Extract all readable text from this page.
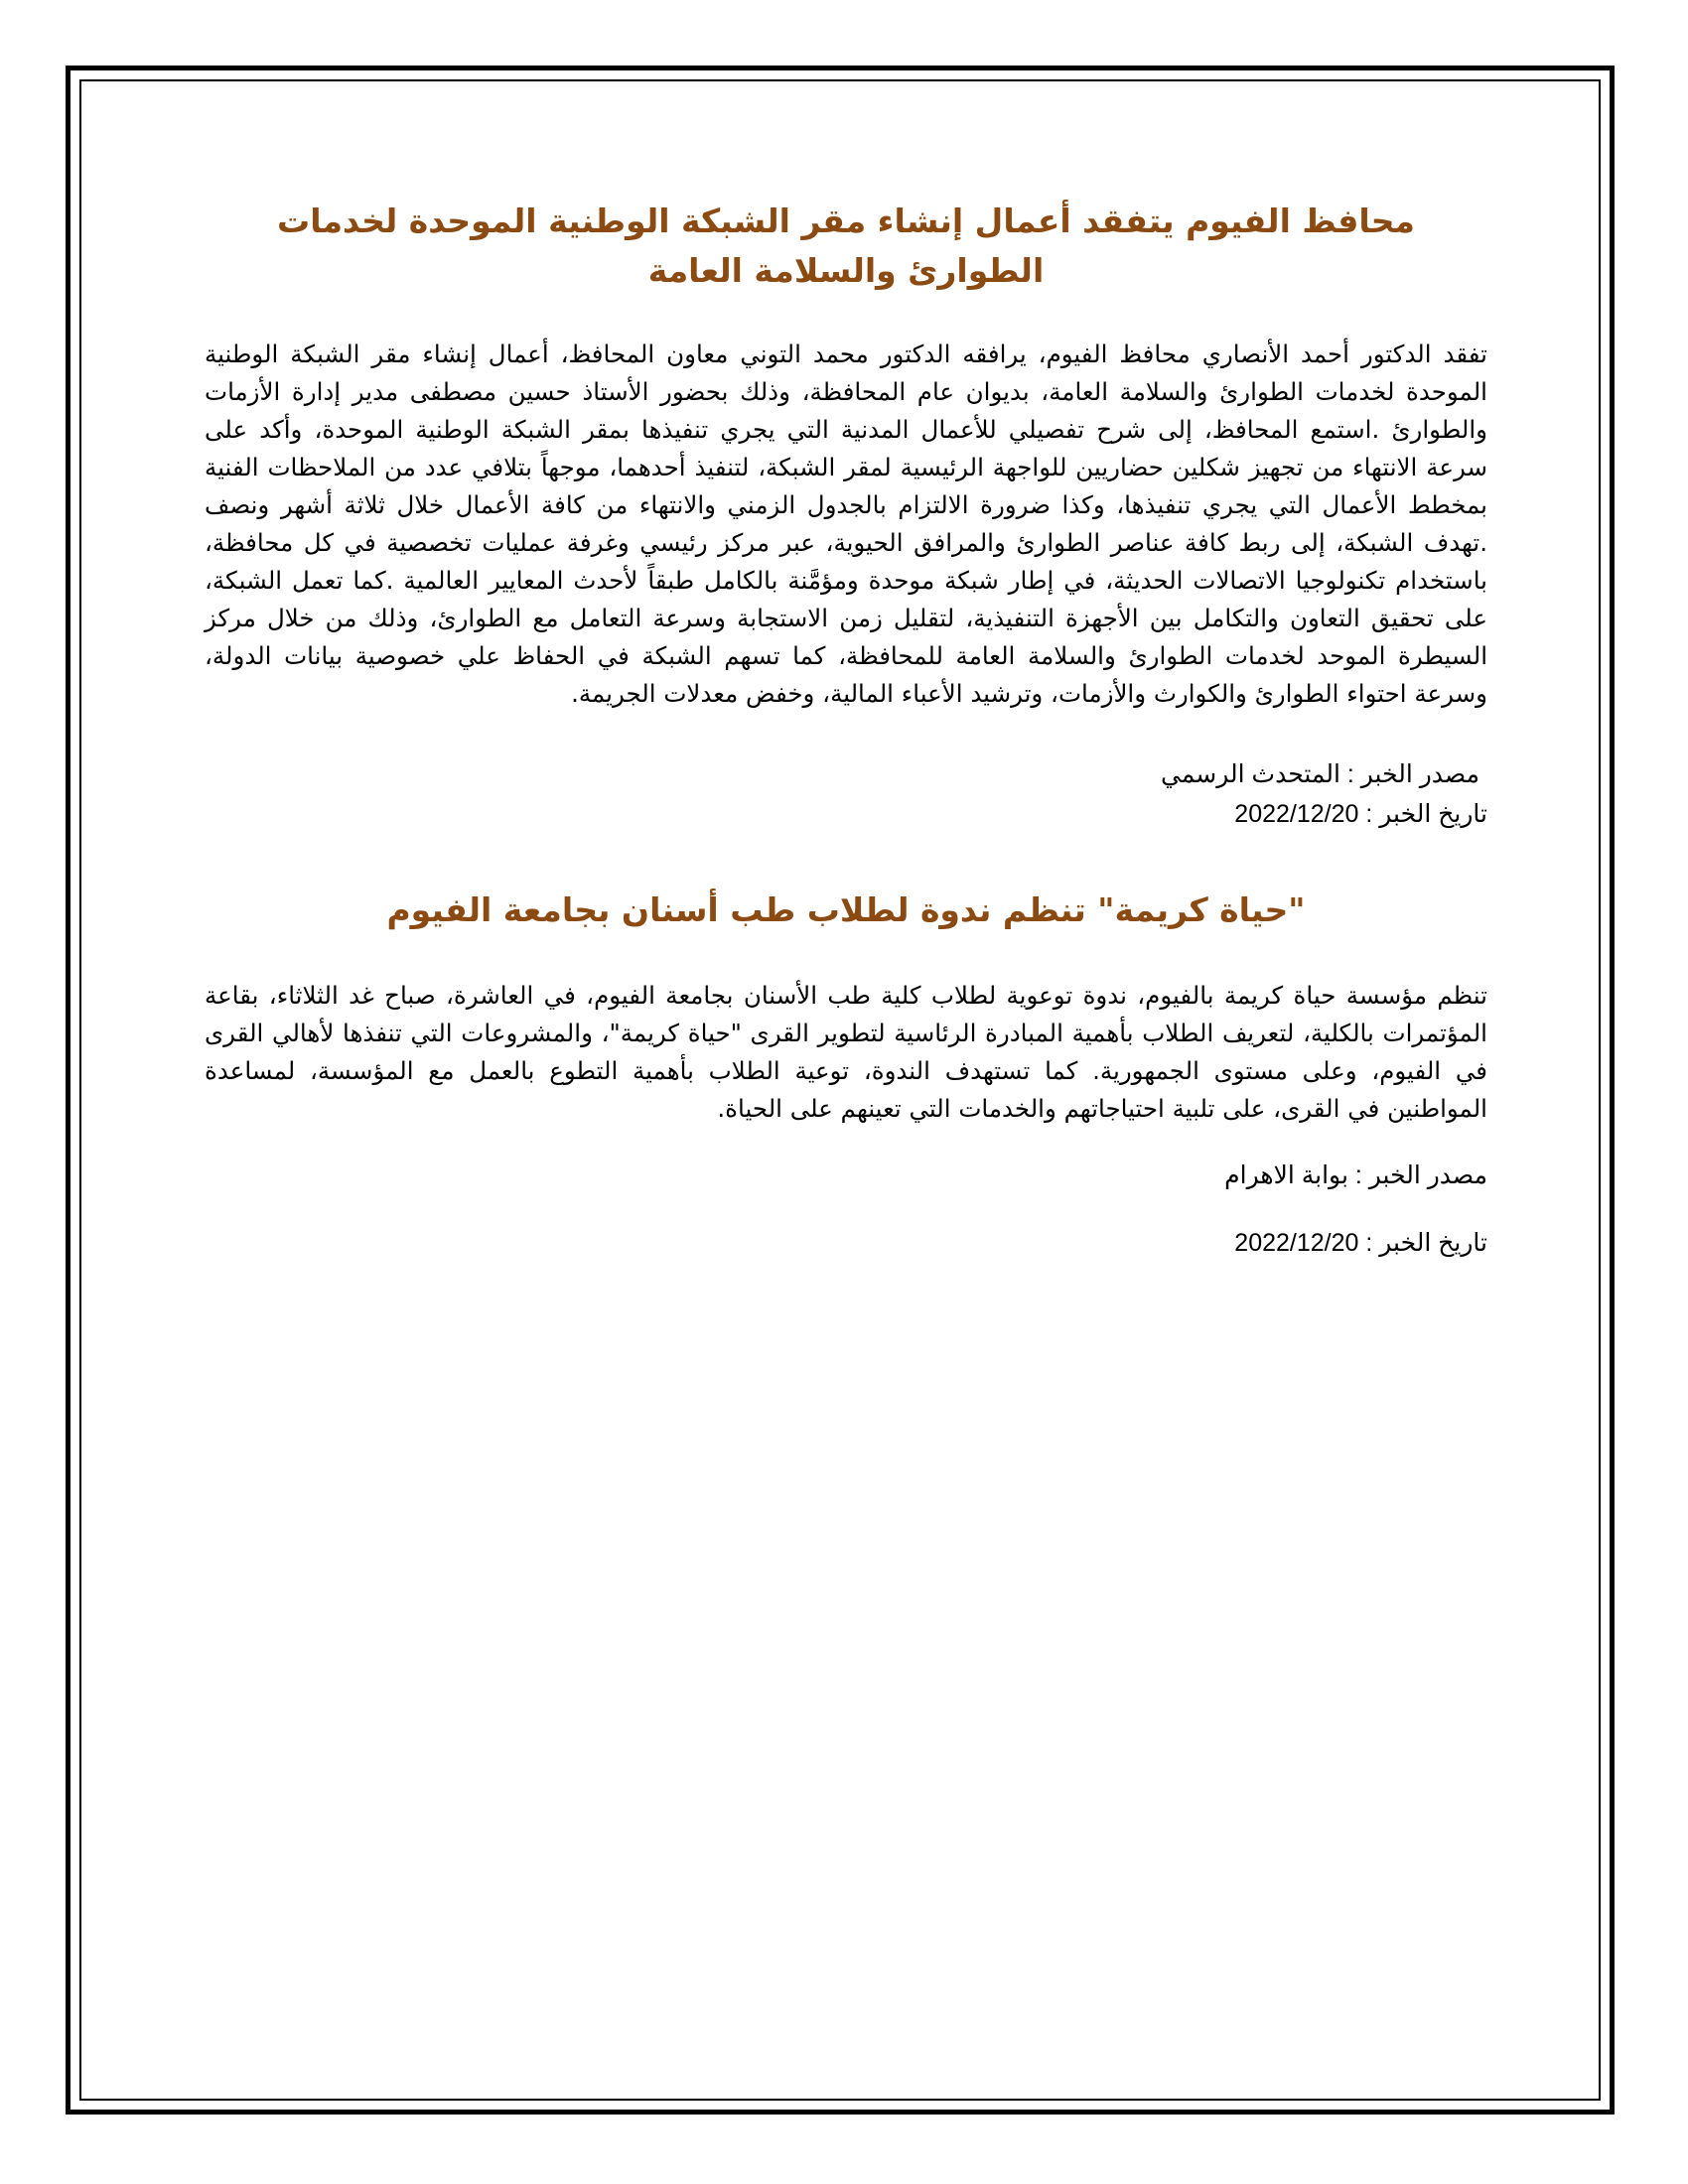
محافظ الفيوم يتفقد أعمال إنشاء مقر الشبكة الوطنية الموحدة لخدمات الطوارئ والسلامة العامة

تفقد الدكتور أحمد الأنصاري محافظ الفيوم، يرافقه الدكتور محمد التوني معاون المحافظ، أعمال إنشاء مقر الشبكة الوطنية الموحدة لخدمات الطوارئ والسلامة العامة، بديوان عام المحافظة، وذلك بحضور الأستاذ حسين مصطفى مدير إدارة الأزمات والطوارئ .استمع المحافظ، إلى شرح تفصيلي للأعمال المدنية التي يجري تنفيذها بمقر الشبكة الوطنية الموحدة، وأكد على سرعة الانتهاء من تجهيز شكلين حضاريين للواجهة الرئيسية لمقر الشبكة، لتنفيذ أحدهما، موجهاً بتلافي عدد من الملاحظات الفنية بمخطط الأعمال التي يجري تنفيذها، وكذا ضرورة الالتزام بالجدول الزمني والانتهاء من كافة الأعمال خلال ثلاثة أشهر ونصف .تهدف الشبكة، إلى ربط كافة عناصر الطوارئ والمرافق الحيوية، عبر مركز رئيسي وغرفة عمليات تخصصية في كل محافظة، باستخدام تكنولوجيا الاتصالات الحديثة، في إطار شبكة موحدة ومؤمَّنة بالكامل طبقاً لأحدث المعايير العالمية .كما تعمل الشبكة، على تحقيق التعاون والتكامل بين الأجهزة التنفيذية، لتقليل زمن الاستجابة وسرعة التعامل مع الطوارئ، وذلك من خلال مركز السيطرة الموحد لخدمات الطوارئ والسلامة العامة للمحافظة، كما تسهم الشبكة في الحفاظ علي خصوصية بيانات الدولة، وسرعة احتواء الطوارئ والكوارث والأزمات، وترشيد الأعباء المالية، وخفض معدلات الجريمة.

مصدر الخبر : المتحدث الرسمي

تاريخ الخبر : 2022/12/20

"حياة كريمة" تنظم ندوة لطلاب طب أسنان بجامعة الفيوم

تنظم مؤسسة حياة كريمة بالفيوم، ندوة توعوية لطلاب كلية طب الأسنان بجامعة الفيوم، في العاشرة، صباح غد الثلاثاء، بقاعة المؤتمرات بالكلية، لتعريف الطلاب بأهمية المبادرة الرئاسية لتطوير القرى "حياة كريمة"، والمشروعات التي تنفذها لأهالي القرى في الفيوم، وعلى مستوى الجمهورية. كما تستهدف الندوة، توعية الطلاب بأهمية التطوع بالعمل مع المؤسسة، لمساعدة المواطنين في القرى، على تلبية احتياجاتهم والخدمات التي تعينهم على الحياة.

مصدر الخبر : بوابة الاهرام

تاريخ الخبر : 2022/12/20
